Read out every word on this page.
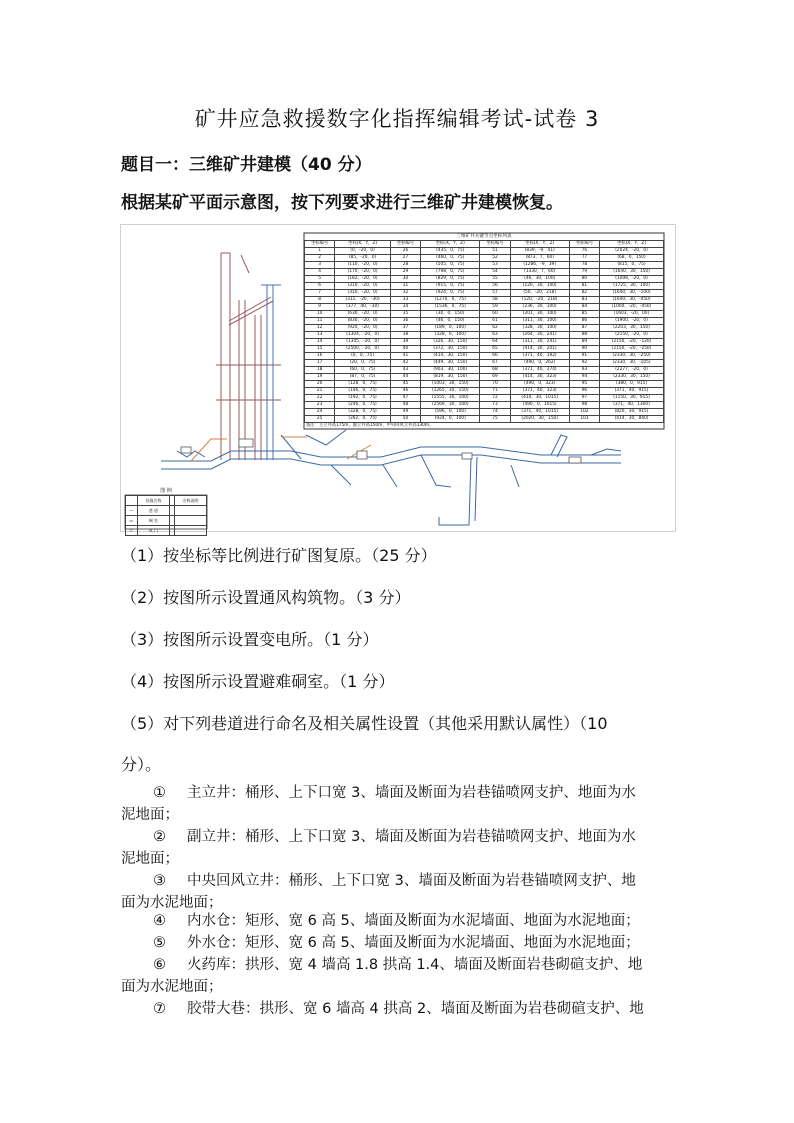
矿井应急救援数字化指挥编辑考试-试卷 3
题目一：三维矿井建模（40 分）
根据某矿平面示意图，按下列要求进行三维矿井建模恢复。
三维矿井关键节点坐标列表
坐标编号	坐标(X，Y，Z)	坐标编号	坐标(X，Y，Z)	坐标编号	坐标(X，Y，Z)	坐标编号	坐标(X，Y，Z)
1	(0，-20，0)	26	(435，0，75)	51	(839，-9，41)	76	(2024，-20，0)
2	(85，-20，0)	27	(460，0，75)	52	(873，7，60)	77	(68，0，150)
3	(110，-20，0)	28	(505，0，75)	53	(1286，-9，39)	78	(815，0，75)
4	(170，-20，0)	29	(798，0，75)	54	(1330，7，60)	79	(1640，30，150)
5	(182，-20，0)	30	(829，0，75)	55	(46，30，100)	80	(1098，-20，0)
6	(310，-20，0)	31	(915，0，75)	56	(120，30，100)	81	(1725，30，100)
7	(310，-20，0)	32	(924，0，75)	57	(50，-20，218)	82	(1640，30，-100)
8	(311，-20，-30)	33	(1270，0，75)	58	(120，-20，218)	83	(1640，30，-450)
9	(377，40，-30)	34	(1536，0，75)	59	(236，30，100)	84	(1000，-20，-450)
10	(630，-20，0)	35	(30，0，150)	60	(201，30，100)	85	(1603，-20，00)
11	(830，-20，0)	36	(46，0，150)	61	(311，30，100)	86	(1900，-20，0)
12	(920，-20，0)	37	(189，0，100)	62	(328，30，100)	87	(2203，30，150)
13	(1304，-20，0)	38	(328，0，100)	63	(264，30，241)	88	(2150，-20，0)
14	(1345，-20，0)	39	(326，30，150)	64	(311，30，241)	89	(2150，-20，-120)
15	(2500，-20，0)	40	(372，30，150)	65	(414，30，201)	90	(2150，-20，-250)
16	(0，0，75)	41	(414，30，150)	66	(371，40，192)	91	(2330，30，-250)
17	(20，0，75)	42	(449，30，150)	67	(490，0，262)	92	(2330，30，-105)
18	(60，0，75)	43	(903，30，100)	68	(371，40，274)	93	(2277，-20，0)
19	(87，0，75)	44	(819，30，150)	69	(414，30，323)	94	(2330，30，150)
20	(128，0，75)	45	(1003，30，150)	70	(490，0，323)	95	(380，0，915)
21	(146，0，75)	46	(1265，30，150)	71	(371，40，323)	96	(371，40，915)
22	(192，0，75)	47	(1555，30，100)	72	(414，30，1015)	97	(1150，30，915)
23	(246，0，75)	48	(2569，30，100)	73	(490，0，1015)	98	(371，40，1300)
24	(328，0，75)	49	(596，0，100)	74	(371，40，1015)	102	(820，30，915)
25	(392，0，75)	50	(924，0，100)	75	(2020，30，150)	103	(414，30，840)
备注：主立井高175m，副立井高150m，中央回风立井高130m。
图 例
	设施名称		名称说明
—	巷 道		
▭	峒 室		
⊂	风 门		
（1）按坐标等比例进行矿图复原。（25 分）
（2）按图所示设置通风构筑物。（3 分）
（3）按图所示设置变电所。（1 分）
（4）按图所示设置避难硐室。（1 分）
（5）对下列巷道进行命名及相关属性设置（其他采用默认属性）（10
分）。
① 主立井：桶形、上下口宽 3、墙面及断面为岩巷锚喷网支护、地面为水
泥地面；
② 副立井：桶形、上下口宽 3、墙面及断面为岩巷锚喷网支护、地面为水
泥地面；
③ 中央回风立井：桶形、上下口宽 3、墙面及断面为岩巷锚喷网支护、地
面为水泥地面；
④ 内水仓：矩形、宽 6 高 5、墙面及断面为水泥墙面、地面为水泥地面；
⑤ 外水仓：矩形、宽 6 高 5、墙面及断面为水泥墙面、地面为水泥地面；
⑥ 火药库：拱形、宽 4 墙高 1.8 拱高 1.4、墙面及断面岩巷砌碹支护、地
面为水泥地面；
⑦ 胶带大巷：拱形、宽 6 墙高 4 拱高 2、墙面及断面为岩巷砌碹支护、地
